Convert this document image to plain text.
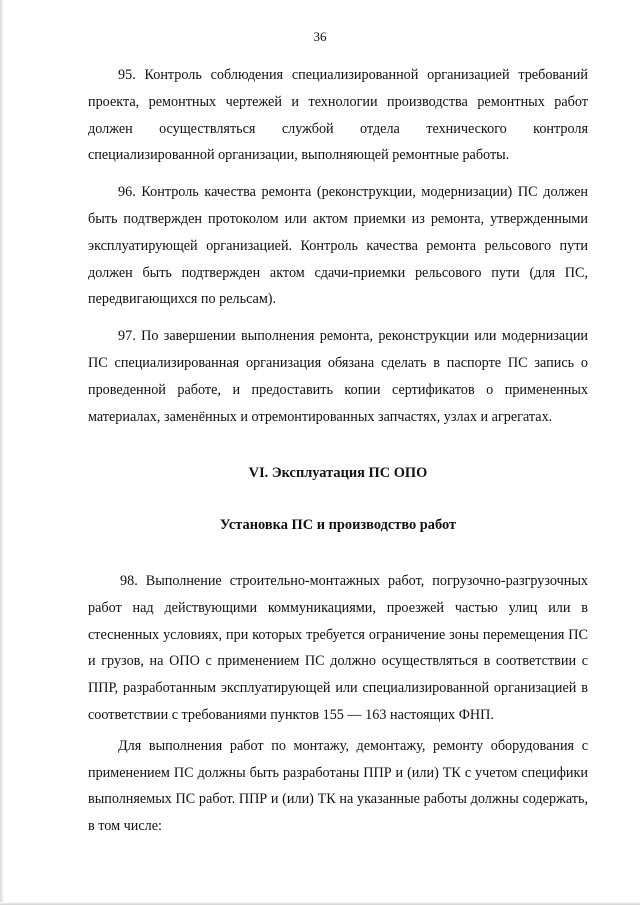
36

95. Контроль соблюдения специализированной организацией требований проекта, ремонтных чертежей и технологии производства ремонтных работ должен осуществляться службой отдела технического контроля специализированной организации, выполняющей ремонтные работы.

96. Контроль качества ремонта (реконструкции, модернизации) ПС должен быть подтвержден протоколом или актом приемки из ремонта, утвержденными эксплуатирующей организацией. Контроль качества ремонта рельсового пути должен быть подтвержден актом сдачи-приемки рельсового пути (для ПС, передвигающихся по рельсам).

97. По завершении выполнения ремонта, реконструкции или модернизации ПС специализированная организация обязана сделать в паспорте ПС запись о проведенной работе, и предоставить копии сертификатов о примененных материалах, заменённых и отремонтированных запчастях, узлах и агрегатах.

VI. Эксплуатация ПС ОПО
Установка ПС и производство работ

98. Выполнение строительно-монтажных работ, погрузочно-разгрузочных работ над действующими коммуникациями, проезжей частью улиц или в стесненных условиях, при которых требуется ограничение зоны перемещения ПС и грузов, на ОПО с применением ПС должно осуществляться в соответствии с ППР, разработанным эксплуатирующей или специализированной организацией в соответствии с требованиями пунктов 155 — 163 настоящих ФНП.

Для выполнения работ по монтажу, демонтажу, ремонту оборудования с применением ПС должны быть разработаны ППР и (или) ТК с учетом специфики выполняемых ПС работ. ППР и (или) ТК на указанные работы должны содержать, в том числе:
